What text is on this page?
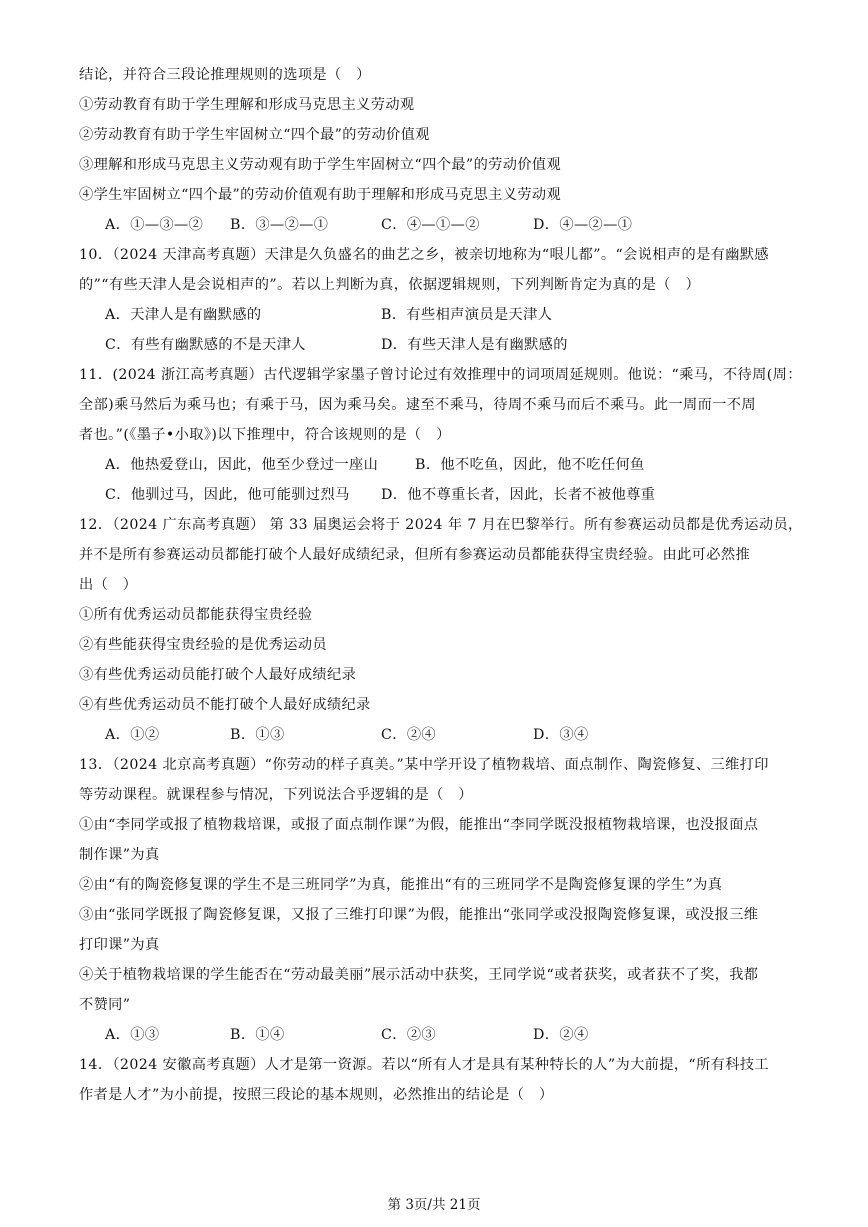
结论，并符合三段论推理规则的选项是（　）
①劳动教育有助于学生理解和形成马克思主义劳动观
②劳动教育有助于学生牢固树立“四个最”的劳动价值观
③理解和形成马克思主义劳动观有助于学生牢固树立“四个最”的劳动价值观
④学生牢固树立“四个最”的劳动价值观有助于理解和形成马克思主义劳动观
A．①—③—② B．③—②—①	C．④—①—②	D．④—②—①
10．（2024 天津高考真题）天津是久负盛名的曲艺之乡，被亲切地称为“哏儿都”。“会说相声的是有幽默感
的”“有些天津人是会说相声的”。若以上判断为真，依据逻辑规则，下列判断肯定为真的是（　）
A．天津人是有幽默感的	B．有些相声演员是天津人
C．有些有幽默感的不是天津人	D．有些天津人是有幽默感的
11．(2024 浙江高考真题）古代逻辑学家墨子曾讨论过有效推理中的词项周延规则。他说：“乘马，不待周(周：
全部)乘马然后为乘马也；有乘于马，因为乘马矣。逮至不乘马，待周不乘马而后不乘马。此一周而一不周
者也。”(《墨子•小取》)以下推理中，符合该规则的是（　）
A．他热爱登山，因此，他至少登过一座山	B．他不吃鱼，因此，他不吃任何鱼
C．他驯过马，因此，他可能驯过烈马 D．他不尊重长者，因此，长者不被他尊重
12．（2024 广东高考真题） 第 33 届奥运会将于 2024 年 7 月在巴黎举行。所有参赛运动员都是优秀运动员，
并不是所有参赛运动员都能打破个人最好成绩纪录，但所有参赛运动员都能获得宝贵经验。由此可必然推
出（　）
①所有优秀运动员都能获得宝贵经验
②有些能获得宝贵经验的是优秀运动员
③有些优秀运动员能打破个人最好成绩纪录
④有些优秀运动员不能打破个人最好成绩纪录
A．①②	B．①③	C．②④	D．③④
13．（2024 北京高考真题）“你劳动的样子真美。”某中学开设了植物栽培、面点制作、陶瓷修复、三维打印
等劳动课程。就课程参与情况，下列说法合乎逻辑的是（　）
①由“李同学或报了植物栽培课，或报了面点制作课”为假，能推出“李同学既没报植物栽培课，也没报面点
制作课”为真
②由“有的陶瓷修复课的学生不是三班同学”为真，能推出“有的三班同学不是陶瓷修复课的学生”为真
③由“张同学既报了陶瓷修复课，又报了三维打印课”为假，能推出“张同学或没报陶瓷修复课，或没报三维
打印课”为真
④关于植物栽培课的学生能否在“劳动最美丽”展示活动中获奖，王同学说“或者获奖，或者获不了奖，我都
不赞同”
A．①③	B．①④	C．②③	D．②④
14．（2024 安徽高考真题）人才是第一资源。若以“所有人才是具有某种特长的人”为大前提，“所有科技工
作者是人才”为小前提，按照三段论的基本规则，必然推出的结论是（　）
第 3页/共 21页
